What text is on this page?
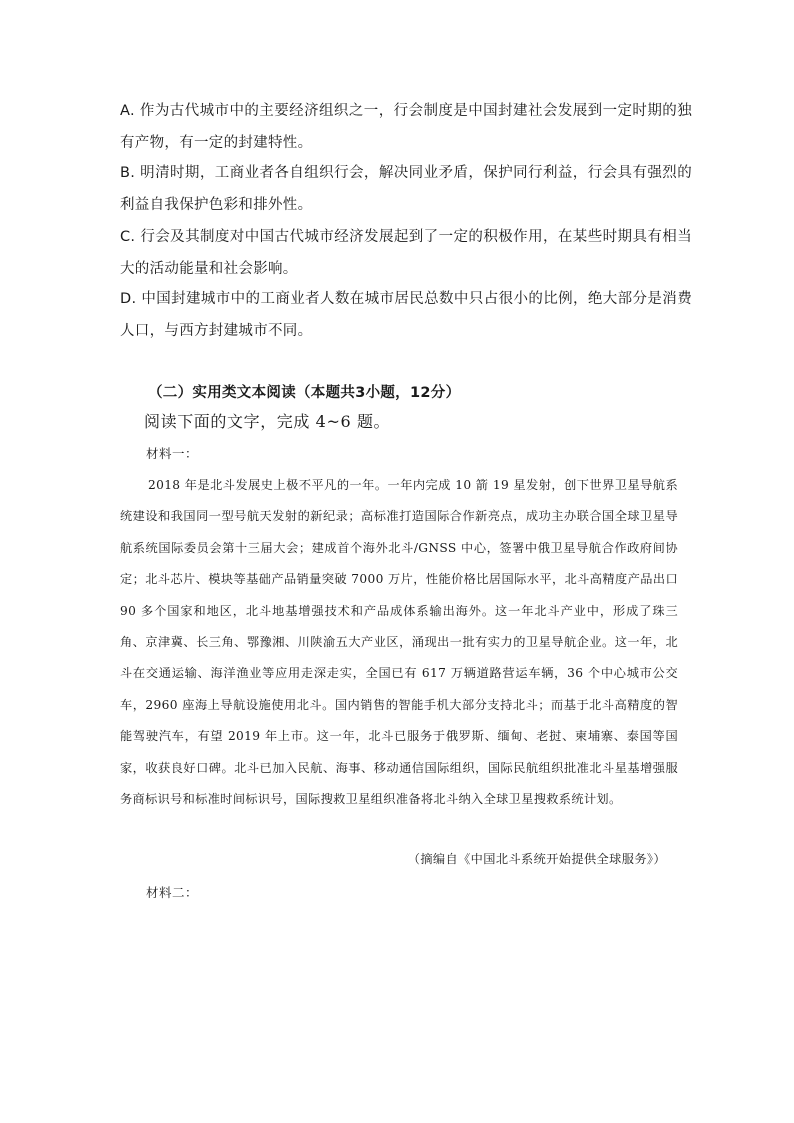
A. 作为古代城市中的主要经济组织之一，行会制度是中国封建社会发展到一定时期的独有产物，有一定的封建特性。
B. 明清时期，工商业者各自组织行会，解决同业矛盾，保护同行利益，行会具有强烈的利益自我保护色彩和排外性。
C. 行会及其制度对中国古代城市经济发展起到了一定的积极作用，在某些时期具有相当大的活动能量和社会影响。
D. 中国封建城市中的工商业者人数在城市居民总数中只占很小的比例，绝大部分是消费人口，与西方封建城市不同。
（二）实用类文本阅读（本题共3小题，12分）
阅读下面的文字，完成 4~6 题。
材料一：
2018 年是北斗发展史上极不平凡的一年。一年内完成 10 箭 19 星发射，创下世界卫星导航系统建设和我国同一型号航天发射的新纪录；高标准打造国际合作新亮点，成功主办联合国全球卫星导航系统国际委员会第十三届大会；建成首个海外北斗/GNSS 中心，签署中俄卫星导航合作政府间协定；北斗芯片、模块等基础产品销量突破 7000 万片，性能价格比居国际水平，北斗高精度产品出口 90 多个国家和地区，北斗地基增强技术和产品成体系输出海外。这一年北斗产业中，形成了珠三角、京津冀、长三角、鄂豫湘、川陕渝五大产业区，涌现出一批有实力的卫星导航企业。这一年，北斗在交通运输、海洋渔业等应用走深走实，全国已有 617 万辆道路营运车辆，36 个中心城市公交车，2960 座海上导航设施使用北斗。国内销售的智能手机大部分支持北斗；而基于北斗高精度的智能驾驶汽车，有望 2019 年上市。这一年，北斗已服务于俄罗斯、缅甸、老挝、柬埔寨、泰国等国家，收获良好口碑。北斗已加入民航、海事、移动通信国际组织，国际民航组织批准北斗星基增强服务商标识号和标准时间标识号，国际搜救卫星组织准备将北斗纳入全球卫星搜救系统计划。
（摘编自《中国北斗系统开始提供全球服务》）
材料二：
